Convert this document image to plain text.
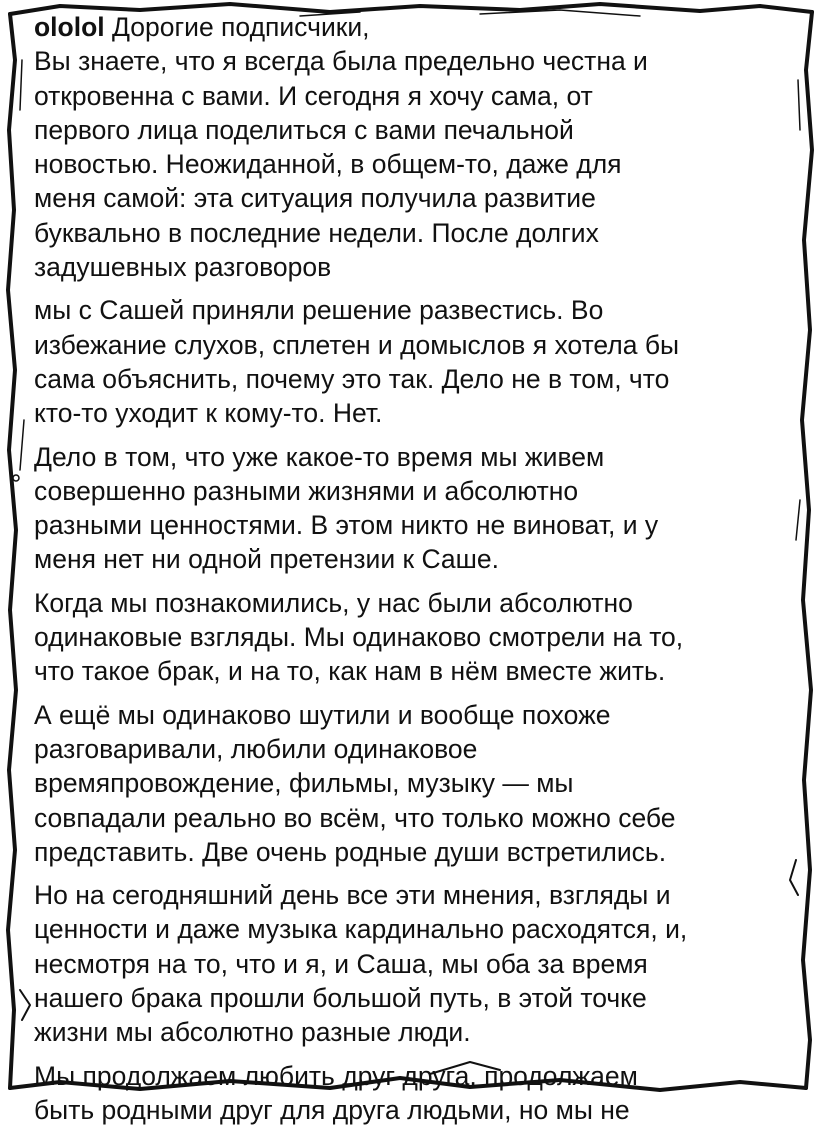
ololol Дорогие подписчики,
Вы знаете, что я всегда была предельно честна и
откровенна с вами. И сегодня я хочу сама, от
первого лица поделиться с вами печальной
новостью. Неожиданной, в общем-то, даже для
меня самой: эта ситуация получила развитие
буквально в последние недели. После долгих
задушевных разговоров
мы с Сашей приняли решение развестись. Во
избежание слухов, сплетен и домыслов я хотела бы
сама объяснить, почему это так. Дело не в том, что
кто-то уходит к кому-то. Нет.
Дело в том, что уже какое-то время мы живем
совершенно разными жизнями и абсолютно
разными ценностями. В этом никто не виноват, и у
меня нет ни одной претензии к Саше.
Когда мы познакомились, у нас были абсолютно
одинаковые взгляды. Мы одинаково смотрели на то,
что такое брак, и на то, как нам в нём вместе жить.
А ещё мы одинаково шутили и вообще похоже
разговаривали, любили одинаковое
времяпровождение, фильмы, музыку — мы
совпадали реально во всём, что только можно себе
представить. Две очень родные души встретились.
Но на сегодняшний день все эти мнения, взгляды и
ценности и даже музыка кардинально расходятся, и,
несмотря на то, что и я, и Саша, мы оба за время
нашего брака прошли большой путь, в этой точке
жизни мы абсолютно разные люди.
Мы продолжаем любить друг друга, продолжаем
быть родными друг для друга людьми, но мы не
